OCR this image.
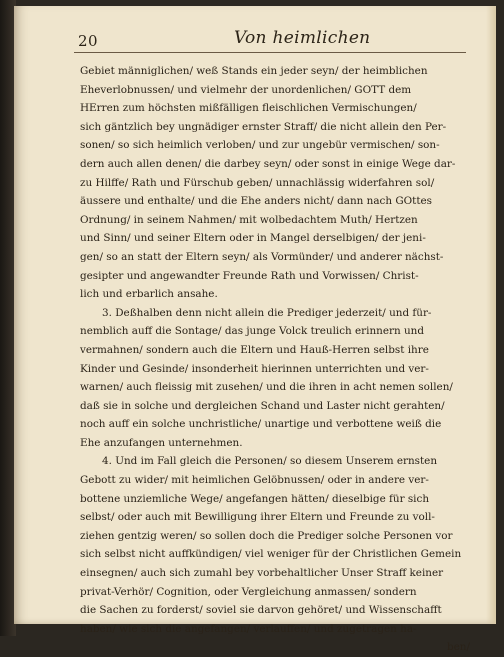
20	Von heimlichen
Gebiet männiglichen/ weß Stands ein jeder seyn/ der heimblichen
Eheverlobnussen/ und vielmehr der unordenlichen/ GOTT dem
HErren zum höchsten mißfälligen fleischlichen Vermischungen/
sich gäntzlich bey ungnädiger ernster Straff/ die nicht allein den Per-
sonen/ so sich heimlich verloben/ und zur ungebür vermischen/ son-
dern auch allen denen/ die darbey seyn/ oder sonst in einige Wege dar-
zu Hilffe/ Rath und Fürschub geben/ unnachlässig widerfahren sol/
äussere und enthalte/ und die Ehe anders nicht/ dann nach GOttes
Ordnung/ in seinem Nahmen/ mit wolbedachtem Muth/ Hertzen
und Sinn/ und seiner Eltern oder in Mangel derselbigen/ der jeni-
gen/ so an statt der Eltern seyn/ als Vormünder/ und anderer nächst-
gesipter und angewandter Freunde Rath und Vorwissen/ Christ-
lich und erbarlich ansahe.
3. Deßhalben denn nicht allein die Prediger jederzeit/ und für-
nemblich auff die Sontage/ das junge Volck treulich erinnern und
vermahnen/ sondern auch die Eltern und Hauß-Herren selbst ihre
Kinder und Gesinde/ insonderheit hierinnen unterrichten und ver-
warnen/ auch fleissig mit zusehen/ und die ihren in acht nemen sollen/
daß sie in solche und dergleichen Schand und Laster nicht gerahten/
noch auff ein solche unchristliche/ unartige und verbottene weiß die
Ehe anzufangen unternehmen.
4. Und im Fall gleich die Personen/ so diesem Unserem ernsten
Gebott zu wider/ mit heimlichen Gelöbnussen/ oder in andere ver-
bottene unziemliche Wege/ angefangen hätten/ dieselbige für sich
selbst/ oder auch mit Bewilligung ihrer Eltern und Freunde zu voll-
ziehen gentzig weren/ so sollen doch die Prediger solche Personen vor
sich selbst nicht auffkündigen/ viel weniger für der Christlichen Gemein
einsegnen/ auch sich zumahl bey vorbehaltlicher Unser Straff keiner
privat-Verhör/ Cognition, oder Vergleichung anmassen/ sondern
die Sachen zu forderst/ soviel sie darvon gehöret/ und Wissenschafft
haben/ wie sich die angefangen/ verlauffen/ und zugetragen ha-
ben/
